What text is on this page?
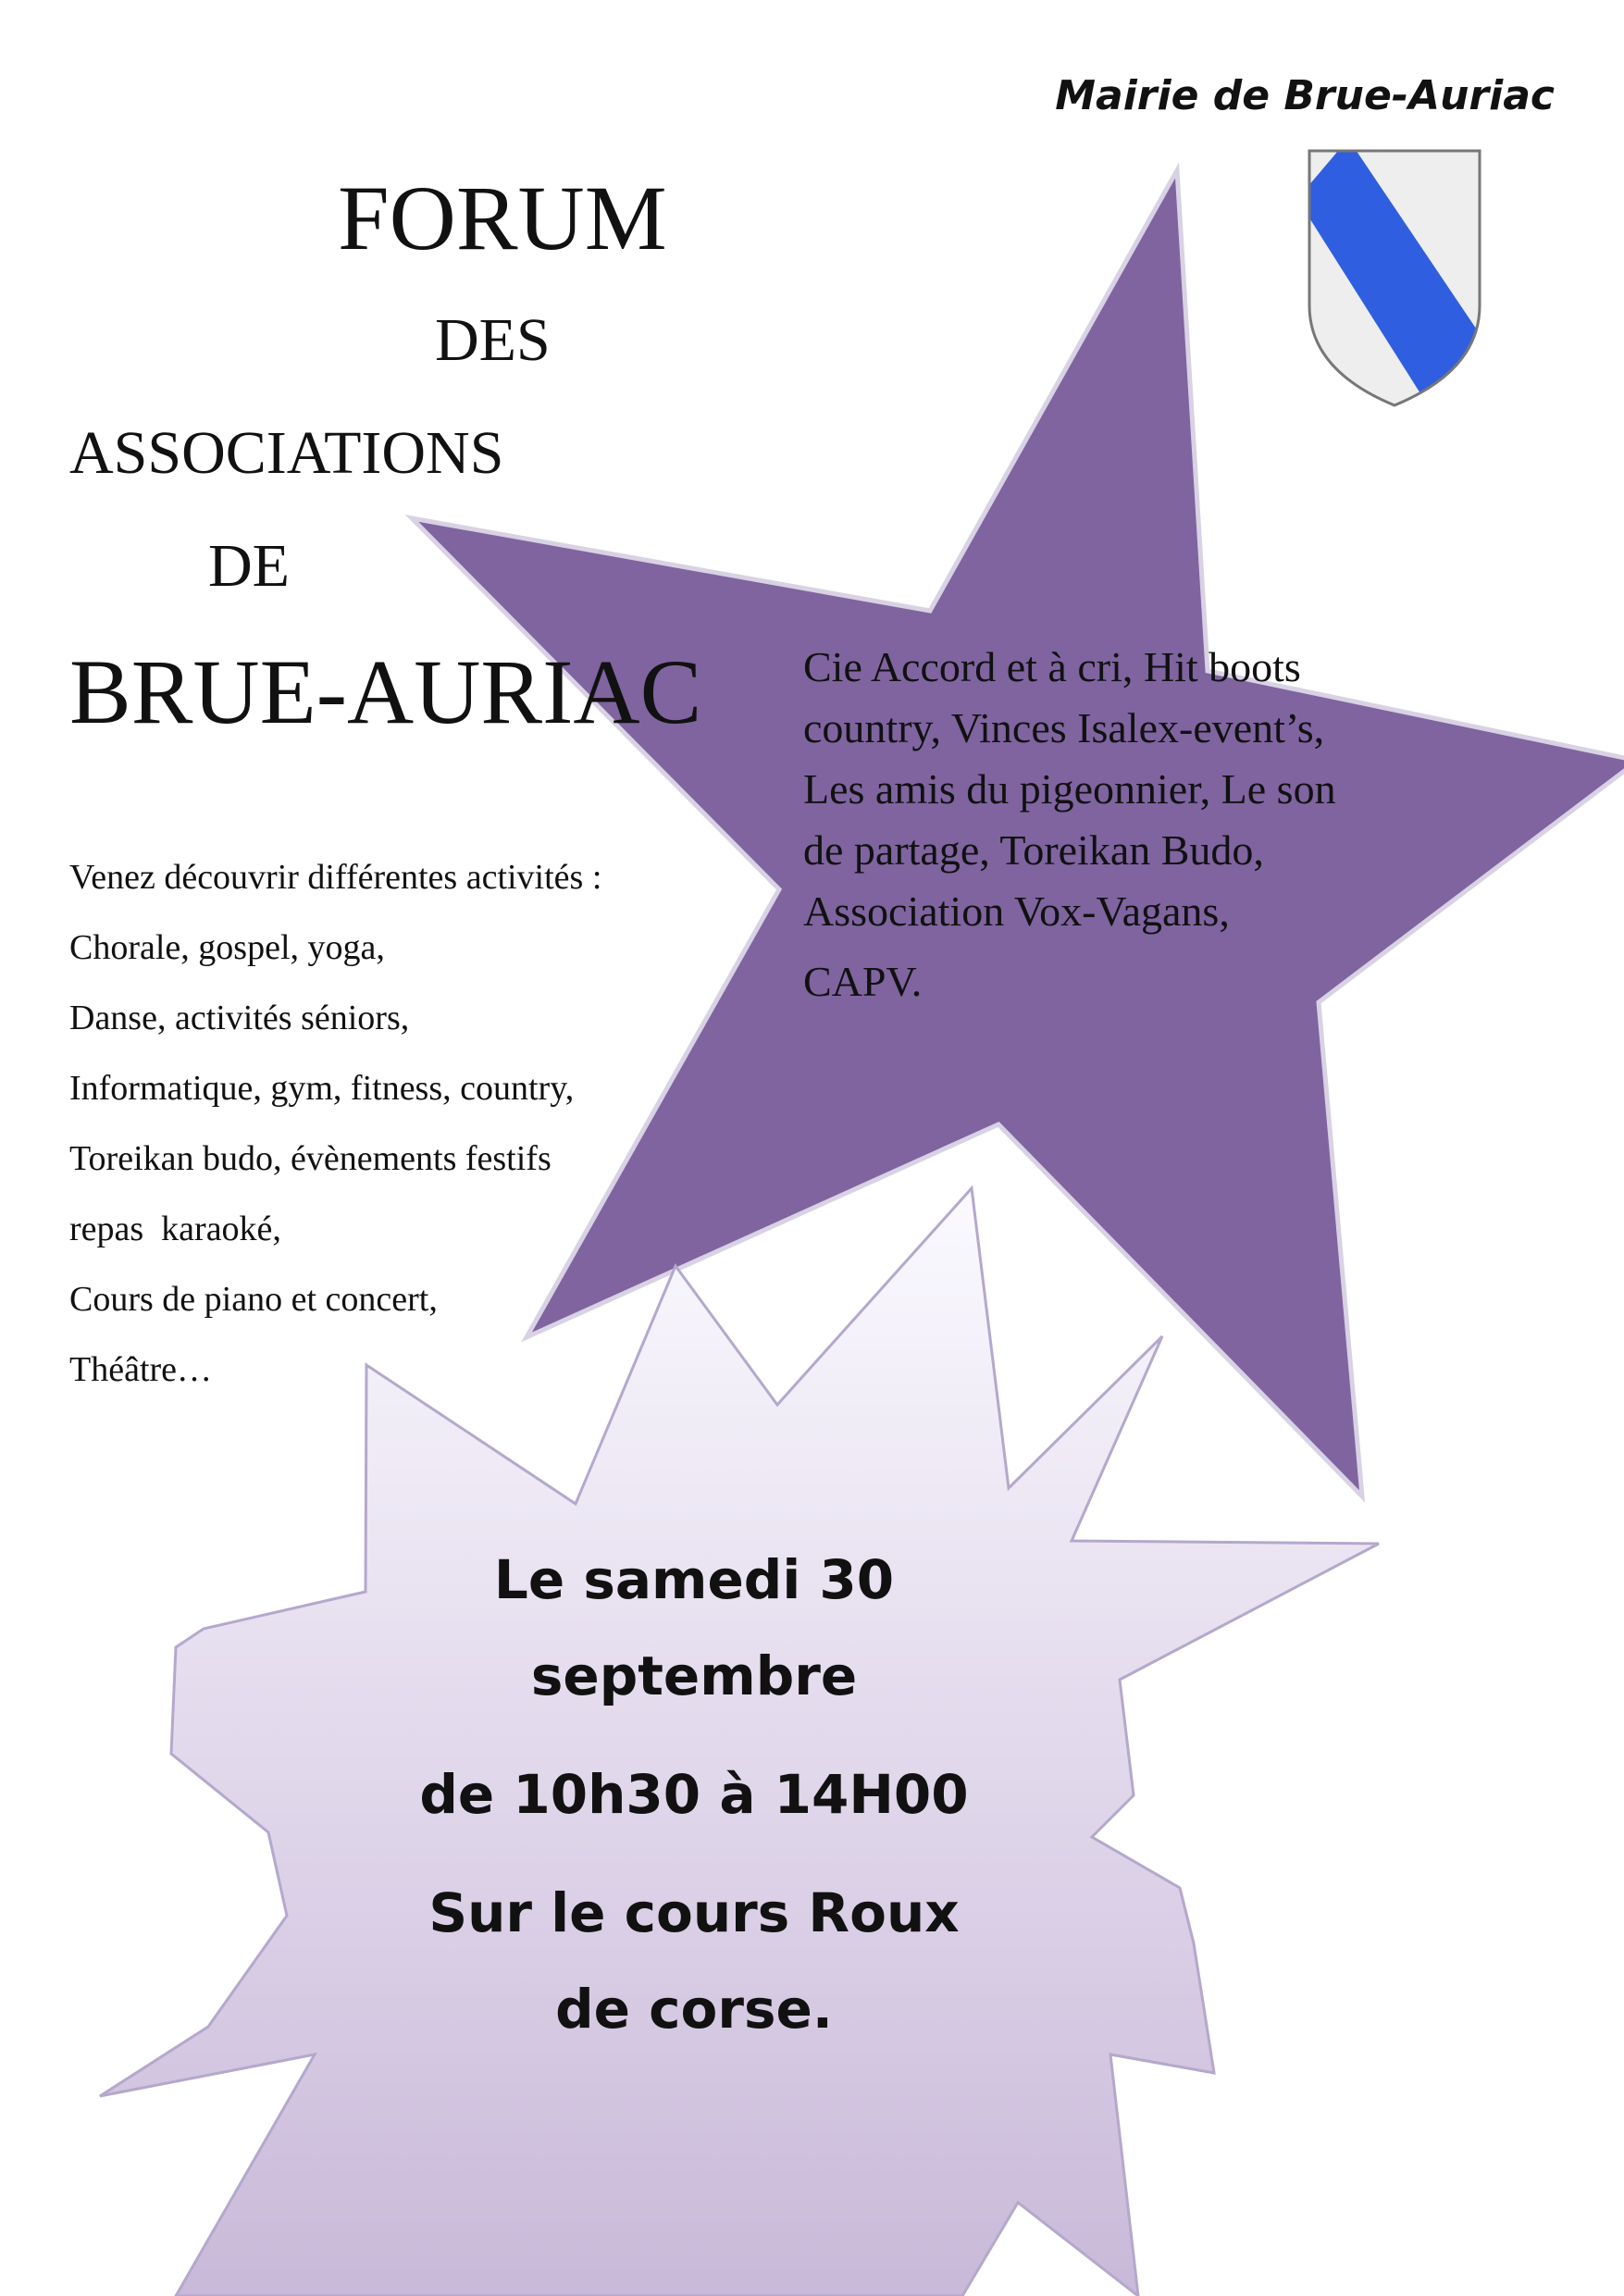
Mairie de Brue-Auriac
FORUM
DES
ASSOCIATIONS
DE
BRUE-AURIAC
Venez découvrir différentes activités :
Chorale, gospel, yoga,
Danse, activités séniors,
Informatique, gym, fitness, country,
Toreikan budo, évènements festifs
repas  karaoké,
Cours de piano et concert,
Théâtre…
Cie Accord et à cri, Hit boots country, Vinces Isalex-event’s, Les amis du pigeonnier, Le son de partage, Toreikan Budo, Association Vox-Vagans,
CAPV.
Le samedi 30
septembre
de 10h30 à 14H00
Sur le cours Roux
de corse.
